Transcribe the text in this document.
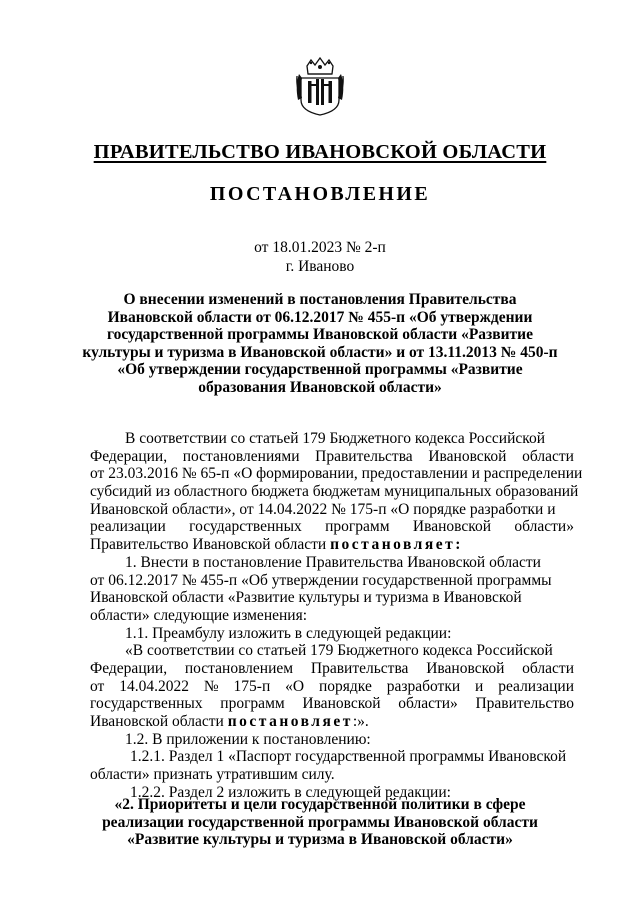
ПРАВИТЕЛЬСТВО ИВАНОВСКОЙ ОБЛАСТИ
ПОСТАНОВЛЕНИЕ
от 18.01.2023 № 2-п
г. Иваново
О внесении изменений в постановления Правительства
Ивановской области от 06.12.2017 № 455-п «Об утверждении
государственной программы Ивановской области «Развитие
культуры и туризма в Ивановской области» и от 13.11.2013 № 450-п
«Об утверждении государственной программы «Развитие
образования Ивановской области»
В соответствии со статьей 179 Бюджетного кодекса Российской
Федерации, постановлениями Правительства Ивановской области
от 23.03.2016 № 65-п «О формировании, предоставлении и распределении
субсидий из областного бюджета бюджетам муниципальных образований
Ивановской области», от 14.04.2022 № 175-п «О порядке разработки и
реализации государственных программ Ивановской области»
Правительство Ивановской области постановляет:
1. Внести в постановление Правительства Ивановской области
от 06.12.2017 № 455-п «Об утверждении государственной программы
Ивановской области «Развитие культуры и туризма в Ивановской
области» следующие изменения:
1.1. Преамбулу изложить в следующей редакции:
«В соответствии со статьей 179 Бюджетного кодекса Российской
Федерации, постановлением Правительства Ивановской области
от 14.04.2022 № 175-п «О порядке разработки и реализации
государственных программ Ивановской области» Правительство
Ивановской области постановляет:».
1.2. В приложении к постановлению:
1.2.1. Раздел 1 «Паспорт государственной программы Ивановской
области» признать утратившим силу.
1.2.2. Раздел 2 изложить в следующей редакции:
«2. Приоритеты и цели государственной политики в сфере
реализации государственной программы Ивановской области
«Развитие культуры и туризма в Ивановской области»
